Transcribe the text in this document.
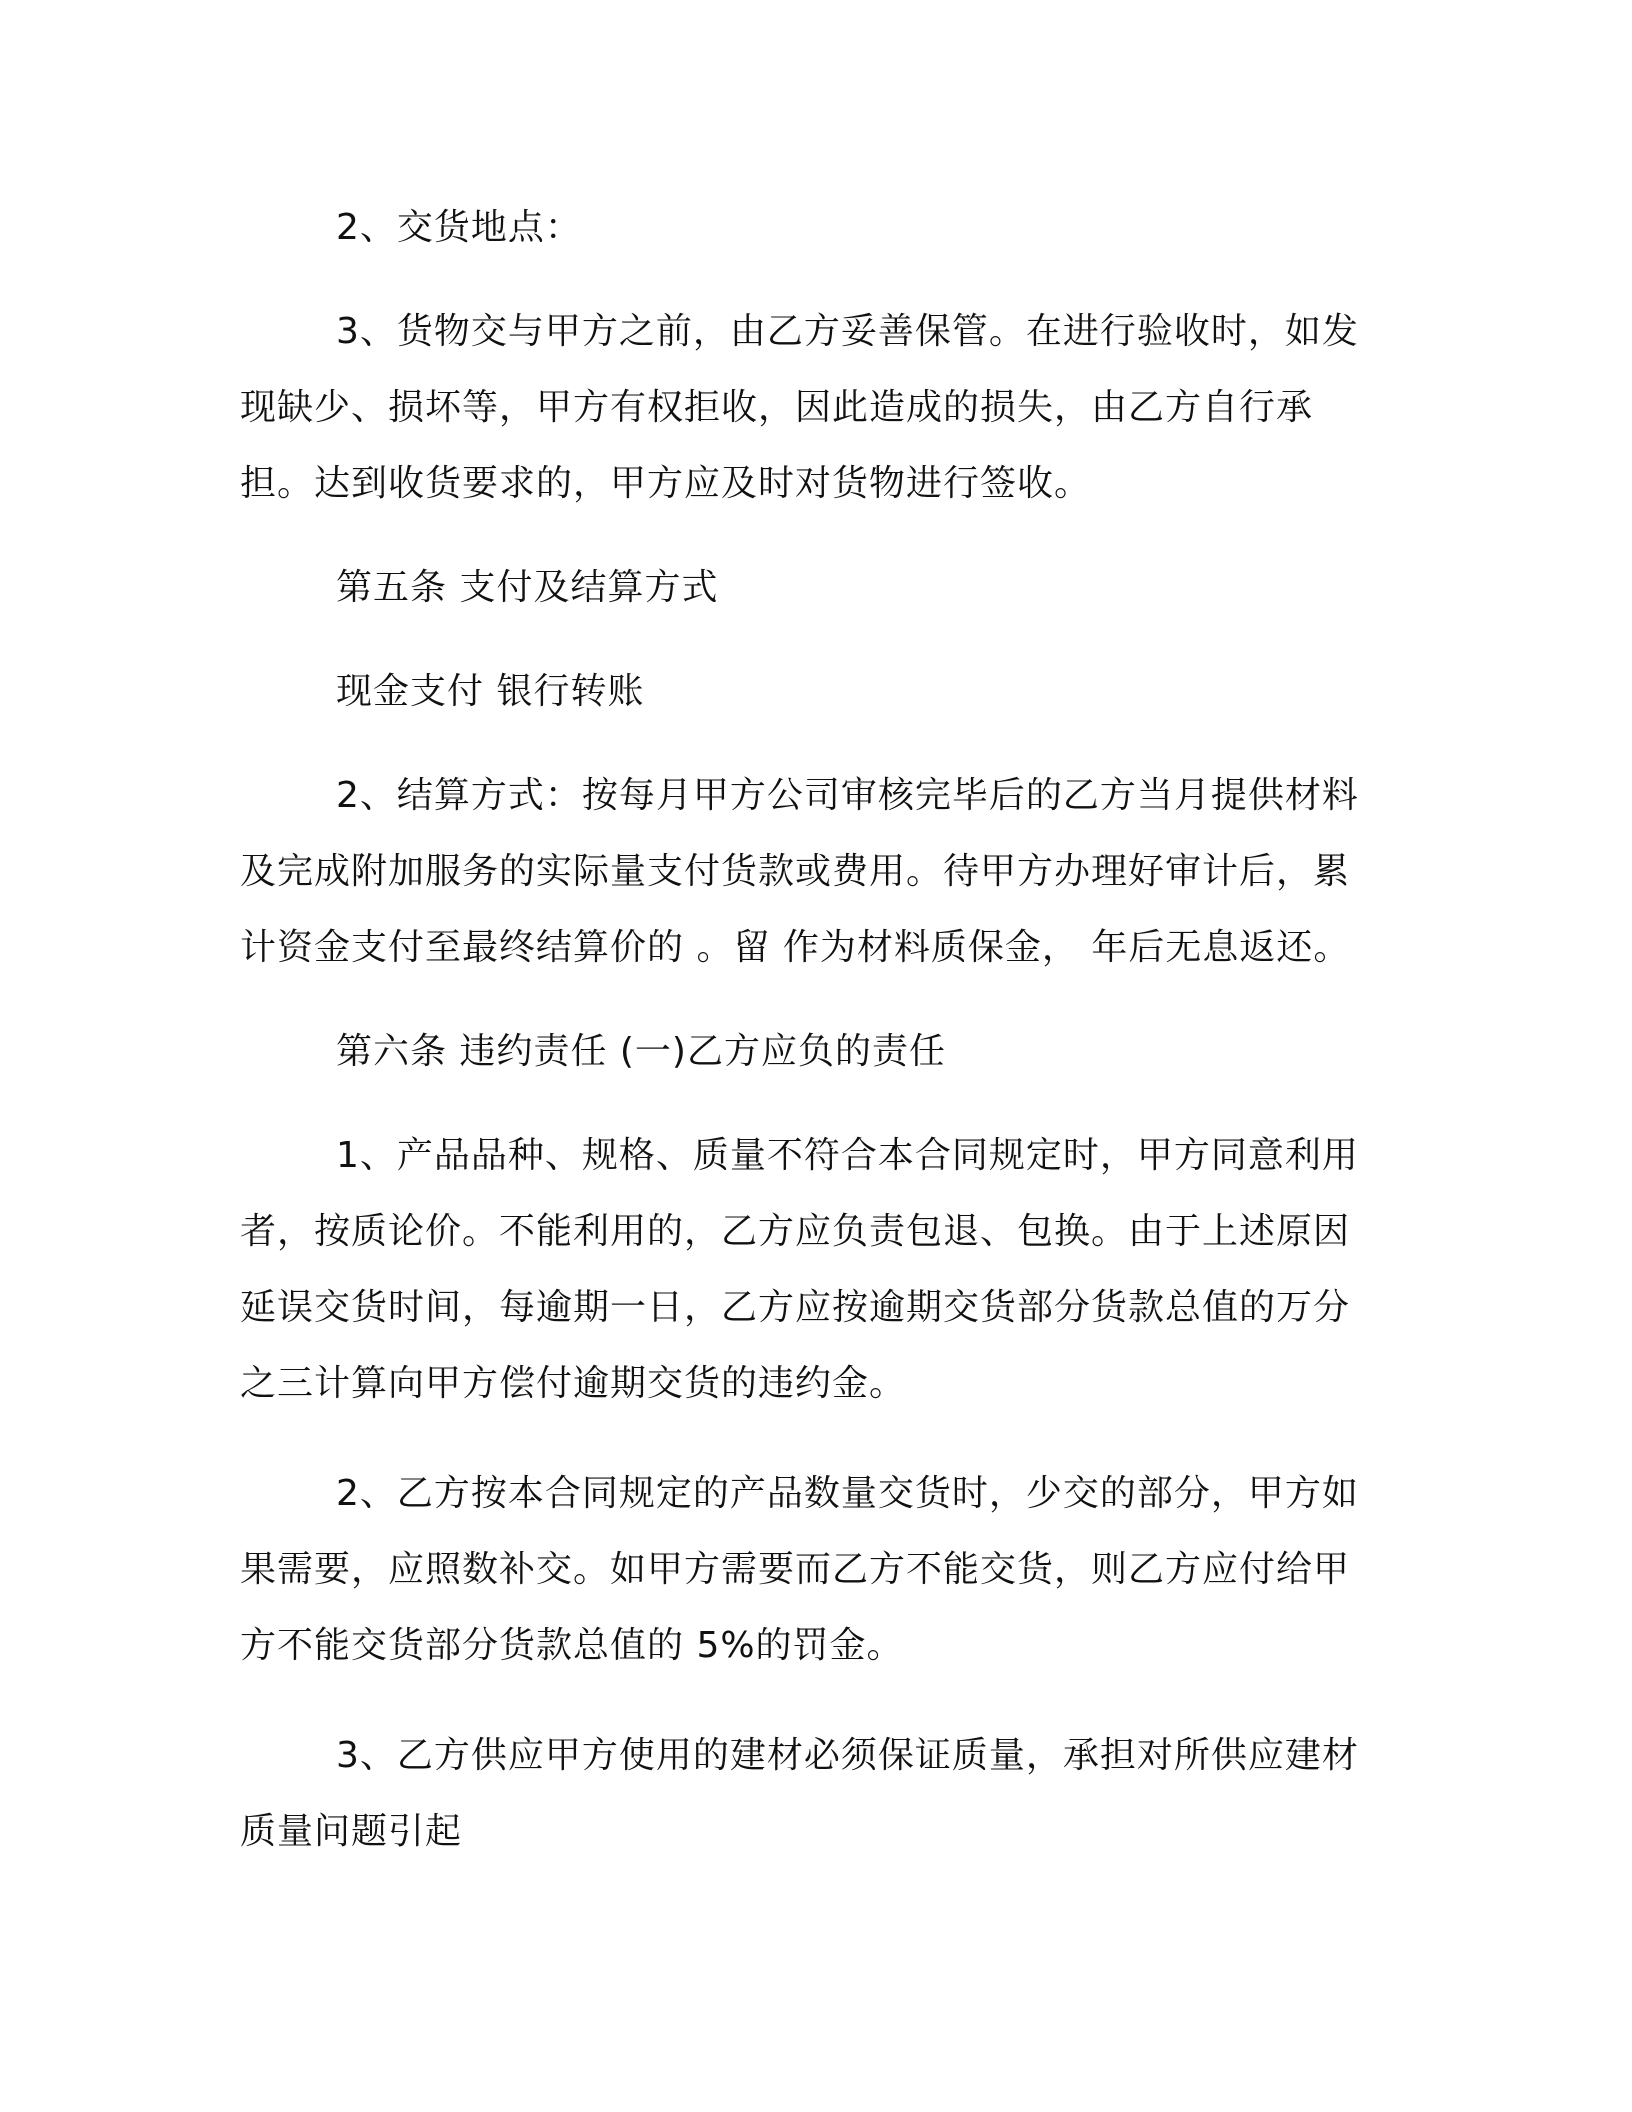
2、交货地点：

3、货物交与甲方之前，由乙方妥善保管。在进行验收时，如发现缺少、损坏等，甲方有权拒收，因此造成的损失，由乙方自行承担。达到收货要求的，甲方应及时对货物进行签收。

第五条 支付及结算方式

现金支付 银行转账

2、结算方式：按每月甲方公司审核完毕后的乙方当月提供材料及完成附加服务的实际量支付货款或费用。待甲方办理好审计后，累计资金支付至最终结算价的 。留 作为材料质保金， 年后无息返还。

第六条 违约责任 (一)乙方应负的责任

1、产品品种、规格、质量不符合本合同规定时，甲方同意利用者，按质论价。不能利用的，乙方应负责包退、包换。由于上述原因延误交货时间，每逾期一日，乙方应按逾期交货部分货款总值的万分之三计算向甲方偿付逾期交货的违约金。

2、乙方按本合同规定的产品数量交货时，少交的部分，甲方如果需要，应照数补交。如甲方需要而乙方不能交货，则乙方应付给甲方不能交货部分货款总值的 5%的罚金。

3、乙方供应甲方使用的建材必须保证质量，承担对所供应建材质量问题引起
